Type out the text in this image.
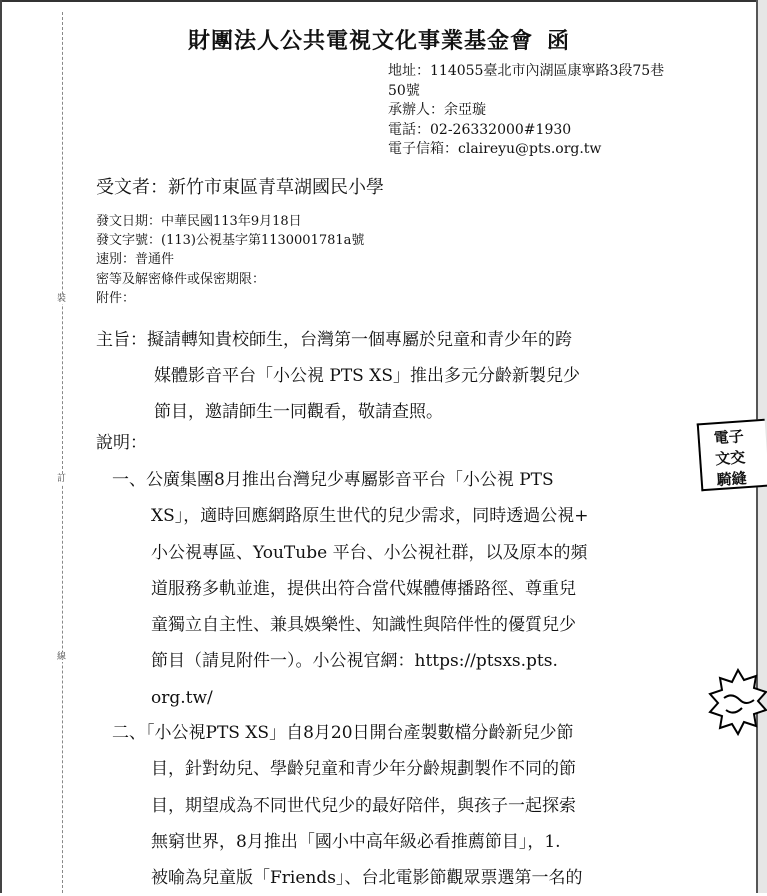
裝
訂
線
財團法人公共電視文化事業基金會 函
地址：114055臺北市內湖區康寧路3段75巷
50號
承辦人：余亞璇
電話：02-26332000#1930
電子信箱：claireyu@pts.org.tw
受文者：新竹市東區青草湖國民小學
發文日期：中華民國113年9月18日
發文字號：(113)公視基字第1130001781a號
速別：普通件
密等及解密條件或保密期限：
附件：
主旨：擬請轉知貴校師生，台灣第一個專屬於兒童和青少年的跨
媒體影音平台「小公視 PTS XS」推出多元分齡新製兒少
節目，邀請師生一同觀看，敬請查照。
說明：
一、公廣集團8月推出台灣兒少專屬影音平台「小公視 PTS
XS」，適時回應網路原生世代的兒少需求，同時透過公視+
小公視專區、YouTube 平台、小公視社群，以及原本的頻
道服務多軌並進，提供出符合當代媒體傳播路徑、尊重兒
童獨立自主性、兼具娛樂性、知識性與陪伴性的優質兒少
節目（請見附件一）。小公視官網：https://ptsxs.pts.
org.tw/
二、「小公視PTS XS」自8月20日開台產製數檔分齡新兒少節
目，針對幼兒、學齡兒童和青少年分齡規劃製作不同的節
目，期望成為不同世代兒少的最好陪伴，與孩子一起探索
無窮世界，8月推出「國小中高年級必看推薦節目」，1.
被喻為兒童版「Friends」、台北電影節觀眾票選第一名的
電子
文交
騎縫
